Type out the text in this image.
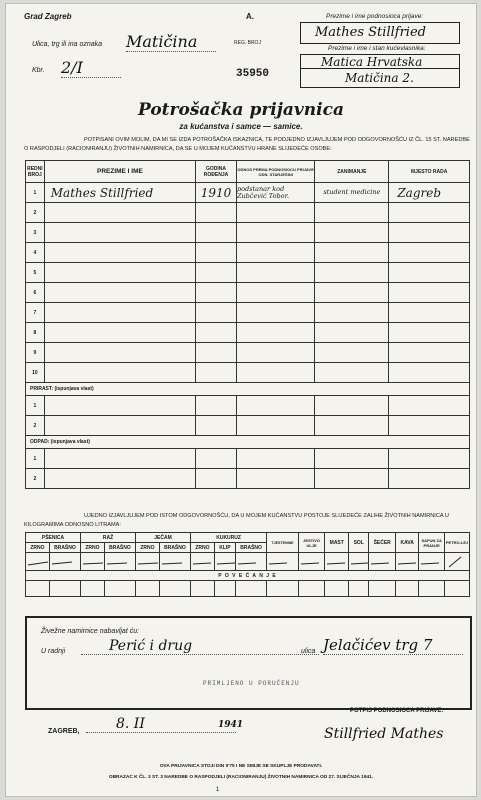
Grad Zagreb
Ulica, trg ili ina oznaka Matičina
Kbr. 2/I
A.
REG. BROJ
35950
Prezime i ime podnosioca prijave:
Mathes Stillfried
Prezime i ime i stan kućevlasnika:
Matica Hrvatska
Matičina 2.
Potrošačka prijavnica
za kućanstva i samce — samice.
POTPISANI OVIM MOLIM, DA MI SE IZDA POTROŠAČKA ISKAZNICA, TE PODJEDNO IZJAVLJUJEM POD ODGOVORNOŠĆU IZ ČL. 15 ST. NAREDBE O RASPODJELI (RACIONIRANJU) ŽIVOTNIH NAMIRNICA, DA SE U MOJEM KUĆANSTVU HRANE SLIJEDEĆE OSOBE:
REDNI BROJ	PREZIME I IME	GODINA ROĐENJA	ODNOS PREMA PODNOSIOCU PRIJAVE ODN. STARJEŠINI	ZANIMANJE	MJESTO RADA
1	Mathes Stillfried	1910	podstanar kod Zubčević Tobor.	student medicine	Zagreb
2					
3					
4					
5					
6					
7					
8					
9					
10					
PRIRAST: (ispunjava vlast)					
1					
2					
ODPAD: (ispunjava vlast)					
1					
2					
UJEDNO IZJAVLJUJEM POD ISTOM ODGOVORNOŠĆU, DA U MOJEM KUĆANSTVU POSTOJE SLIJEDEĆE ZALIHE ŽIVOTNIH NAMIRNICA U KILOGRAMIMA ODNOSNO LITRAMA:
PŠENICA		RAŽ		JEČAM		KUKURUZ			TJESTENINE	JESTIVO ULJE	MAST	SOL	ŠEĆER	KAVA	SAPUN ZA PRANJE	PETRO-LEJ
ZRNO	BRAŠNO	ZRNO	BRAŠNO	ZRNO	BRAŠNO	ZRNO	KLIP	BRAŠNO								

P O V E Ć A N J E																

Živežne namirnice nabavljat ću:
U radnji	Perić i drug	ulica Jelačićev trg 7
PRIMLJENO U PORUČENJU
ZAGREB,	8. II	1941
POTPIS PODNOSIOCA PRIJAVE:
Stillfried Mathes
OVA PRIJAVNICA STOJI DIN 0'75 I NE SMIJE SE SKUPLJE PRODAVATI.
OBRAZAC K ČL. 3 ST. 3 NAREDBE O RASPODJELI (RACIONIRANJU) ŽIVOTNIH NAMIRNICA OD 27. SIJEČNJA 1941.
1
